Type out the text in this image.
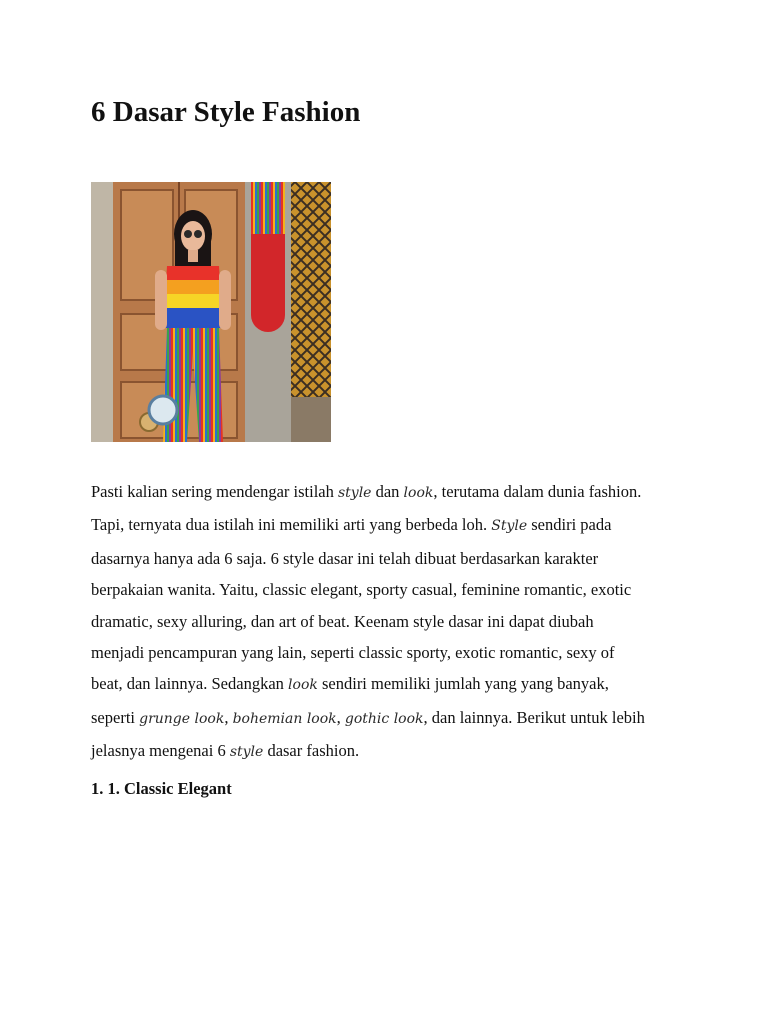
6 Dasar Style Fashion
Pasti kalian sering mendengar istilah style dan look, terutama dalam dunia fashion.
Tapi, ternyata dua istilah ini memiliki arti yang berbeda loh. Style sendiri pada
dasarnya hanya ada 6 saja. 6 style dasar ini telah dibuat berdasarkan karakter
berpakaian wanita. Yaitu, classic elegant, sporty casual, feminine romantic, exotic
dramatic, sexy alluring, dan art of beat. Keenam style dasar ini dapat diubah
menjadi pencampuran yang lain, seperti classic sporty, exotic romantic, sexy of
beat, dan lainnya. Sedangkan look sendiri memiliki jumlah yang yang banyak,
seperti grunge look, bohemian look, gothic look, dan lainnya. Berikut untuk lebih
jelasnya mengenai 6 style dasar fashion.
1. 1. Classic Elegant
